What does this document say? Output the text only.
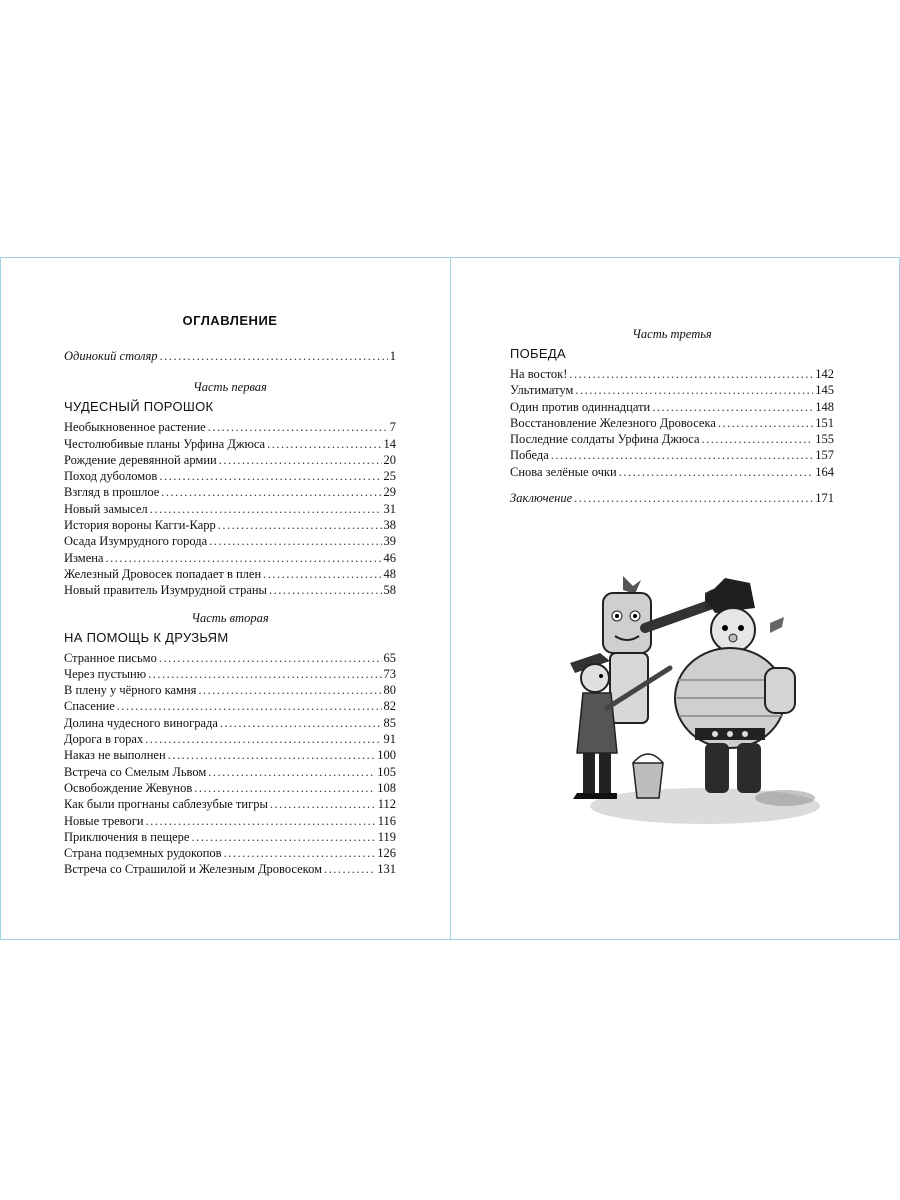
ОГЛАВЛЕНИЕ
Одинокий столяр .....	1
Часть первая
ЧУДЕСНЫЙ ПОРОШОК
Необыкновенное растение .....	7
Честолюбивые планы Урфина Джюса .....	14
Рождение деревянной армии .....	20
Поход дуболомов .....	25
Взгляд в прошлое .....	29
Новый замысел .....	31
История вороны Кагги-Карр .....	38
Осада Изумрудного города .....	39
Измена .....	46
Железный Дровосек попадает в плен .....	48
Новый правитель Изумрудной страны .....	58
Часть вторая
НА ПОМОЩЬ К ДРУЗЬЯМ
Странное письмо .....	65
Через пустыню .....	73
В плену у чёрного камня .....	80
Спасение .....	82
Долина чудесного винограда .....	85
Дорога в горах .....	91
Наказ не выполнен .....	100
Встреча со Смелым Львом .....	105
Освобождение Жевунов .....	108
Как были прогнаны саблезубые тигры .....	112
Новые тревоги .....	116
Приключения в пещере .....	119
Страна подземных рудокопов .....	126
Встреча со Страшилой и Железным Дровосеком .....	131
Часть третья
ПОБЕДА
На восток! .....	142
Ультиматум .....	145
Один против одиннадцати .....	148
Восстановление Железного Дровосека .....	151
Последние солдаты Урфина Джюса .....	155
Победа .....	157
Снова зелёные очки .....	164
Заключение .....	171
